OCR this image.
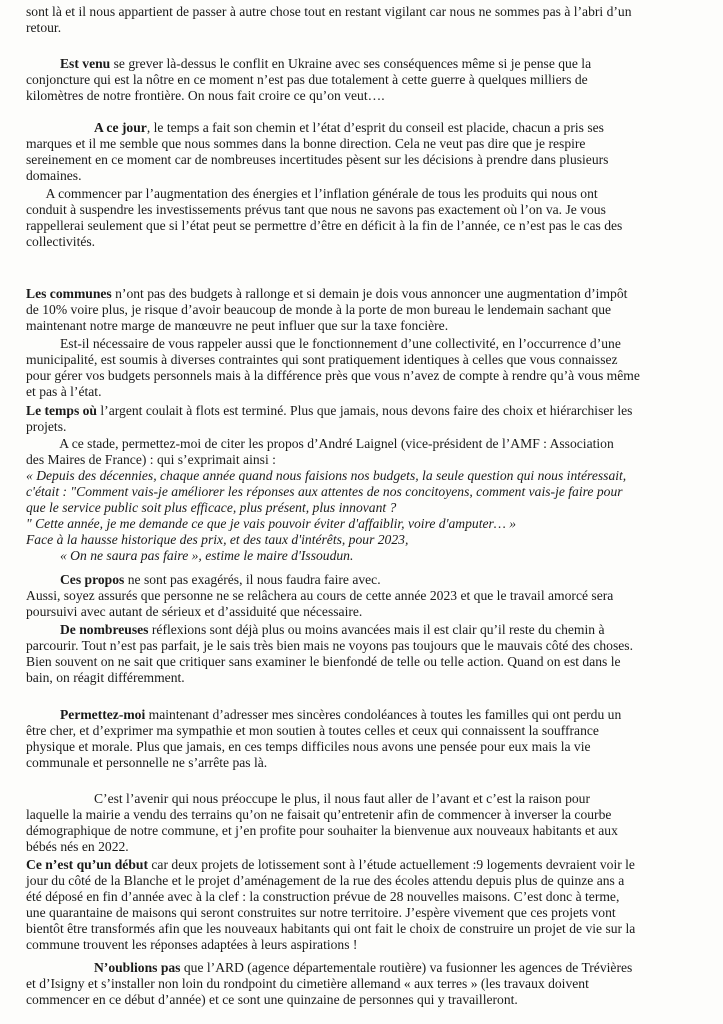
sont là et il nous appartient de passer à autre chose tout en restant vigilant car nous ne sommes pas à l’abri d’un
retour.

Est venu se grever là-dessus le conflit en Ukraine avec ses conséquences même si je pense que la
conjoncture qui est la nôtre en ce moment n’est pas due totalement à cette guerre à quelques milliers de
kilomètres de notre frontière. On nous fait croire ce qu’on veut….

A ce jour, le temps a fait son chemin et l’état d’esprit du conseil est placide, chacun a pris ses
marques et il me semble que nous sommes dans la bonne direction. Cela ne veut pas dire que je respire
sereinement en ce moment car de nombreuses incertitudes pèsent sur les décisions à prendre dans plusieurs
domaines.

A commencer par l’augmentation des énergies et l’inflation générale de tous les produits qui nous ont
conduit à suspendre les investissements prévus tant que nous ne savons pas exactement où l’on va. Je vous
rappellerai seulement que si l’état peut se permettre d’être en déficit à la fin de l’année, ce n’est pas le cas des
collectivités.

Les communes n’ont pas des budgets à rallonge et si demain je dois vous annoncer une augmentation d’impôt
de 10% voire plus, je risque d’avoir beaucoup de monde à la porte de mon bureau le lendemain sachant que
maintenant notre marge de manœuvre ne peut influer que sur la taxe foncière.

Est-il nécessaire de vous rappeler aussi que le fonctionnement d’une collectivité, en l’occurrence d’une
municipalité, est soumis à diverses contraintes qui sont pratiquement identiques à celles que vous connaissez
pour gérer vos budgets personnels mais à la différence près que vous n’avez de compte à rendre qu’à vous même
et pas à l’état.

Le temps où l’argent coulait à flots est terminé. Plus que jamais, nous devons faire des choix et hiérarchiser les
projets.

A ce stade, permettez-moi de citer les propos d’André Laignel (vice-président de l’AMF : Association
des Maires de France) : qui s’exprimait ainsi :
« Depuis des décennies, chaque année quand nous faisions nos budgets, la seule question qui nous intéressait,
c'était : "Comment vais-je améliorer les réponses aux attentes de nos concitoyens, comment vais-je faire pour
que le service public soit plus efficace, plus présent, plus innovant ?
" Cette année, je me demande ce que je vais pouvoir éviter d'affaiblir, voire d'amputer… »
Face à la hausse historique des prix, et des taux d'intérêts, pour 2023,
« On ne saura pas faire », estime le maire d'Issoudun.

Ces propos ne sont pas exagérés, il nous faudra faire avec.
Aussi, soyez assurés que personne ne se relâchera au cours de cette année 2023 et que le travail amorcé sera
poursuivi avec autant de sérieux et d’assiduité que nécessaire.

De nombreuses réflexions sont déjà plus ou moins avancées mais il est clair qu’il reste du chemin à
parcourir. Tout n’est pas parfait, je le sais très bien mais ne voyons pas toujours que le mauvais côté des choses.
Bien souvent on ne sait que critiquer sans examiner le bienfondé de telle ou telle action. Quand on est dans le
bain, on réagit différemment.

Permettez-moi maintenant d’adresser mes sincères condoléances à toutes les familles qui ont perdu un
être cher, et d’exprimer ma sympathie et mon soutien à toutes celles et ceux qui connaissent la souffrance
physique et morale. Plus que jamais, en ces temps difficiles nous avons une pensée pour eux mais la vie
communale et personnelle ne s’arrête pas là.

C’est l’avenir qui nous préoccupe le plus, il nous faut aller de l’avant et c’est la raison pour
laquelle la mairie a vendu des terrains qu’on ne faisait qu’entretenir afin de commencer à inverser la courbe
démographique de notre commune, et j’en profite pour souhaiter la bienvenue aux nouveaux habitants et aux
bébés nés en 2022.

Ce n’est qu’un début car deux projets de lotissement sont à l’étude actuellement :9 logements devraient voir le
jour du côté de la Blanche et le projet d’aménagement de la rue des écoles attendu depuis plus de quinze ans a
été déposé en fin d’année avec à la clef : la construction prévue de 28 nouvelles maisons. C’est donc à terme,
une quarantaine de maisons qui seront construites sur notre territoire. J’espère vivement que ces projets vont
bientôt être transformés afin que les nouveaux habitants qui ont fait le choix de construire un projet de vie sur la
commune trouvent les réponses adaptées à leurs aspirations !

N’oublions pas que l’ARD (agence départementale routière) va fusionner les agences de Trévières
et d’Isigny et s’installer non loin du rondpoint du cimetière allemand « aux terres » (les travaux doivent
commencer en ce début d’année) et ce sont une quinzaine de personnes qui y travailleront.
